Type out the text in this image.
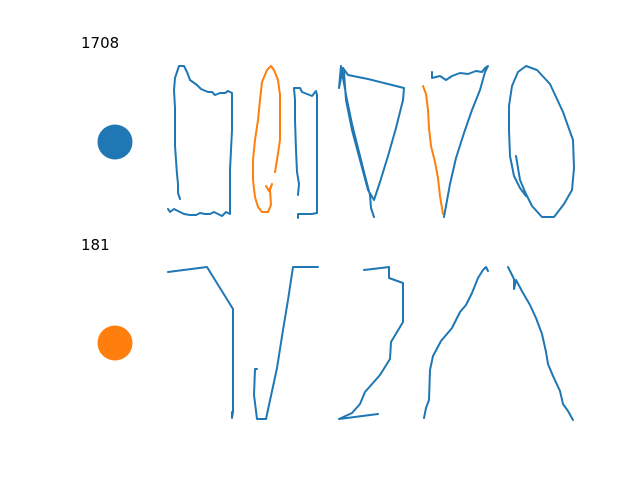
1708

181
